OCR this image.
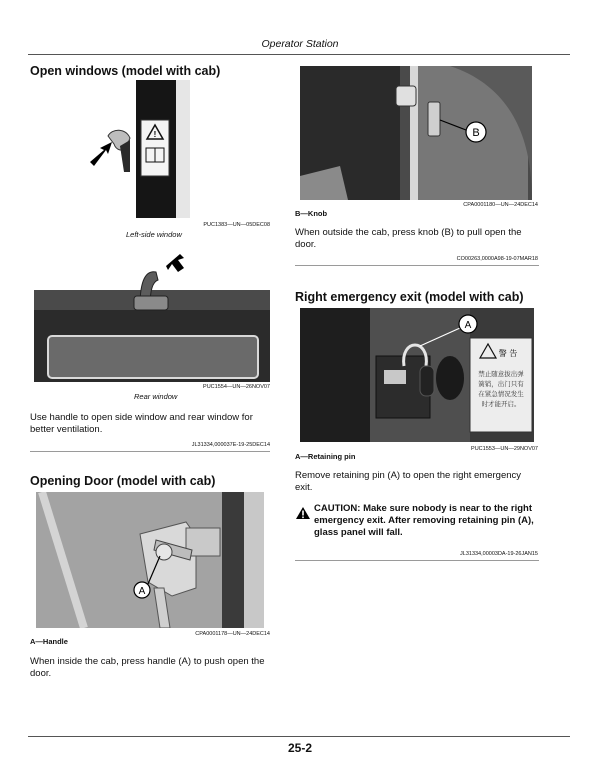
Operator Station
Open windows (model with cab)
!
PUC1383—UN—05DEC08
Left-side window
PUC1554—UN—26NOV07
Rear window
Use handle to open side window and rear window for better ventilation.
JL31334,000037E-19-25DEC14
Opening Door (model with cab)
A
CPA0001178—UN—24DEC14
A—Handle
When inside the cab, press handle (A) to push open the door.
B
CPA0001180—UN—24DEC14
B—Knob
When outside the cab, press knob (B) to pull open the door.
CO00263,0000A98-19-07MAR18
Right emergency exit (model with cab)
警 告
禁止随意拔出弹
簧销，出门只有
在紧急情况发生
时才能开启。
A
PUC1553—UN—29NOV07
A—Retaining pin
Remove retaining pin (A) to open the right emergency exit.
CAUTION: Make sure nobody is near to the right emergency exit. After removing retaining pin (A), glass panel will fall.
JL31334,00003DA-19-26JAN15
25-2
